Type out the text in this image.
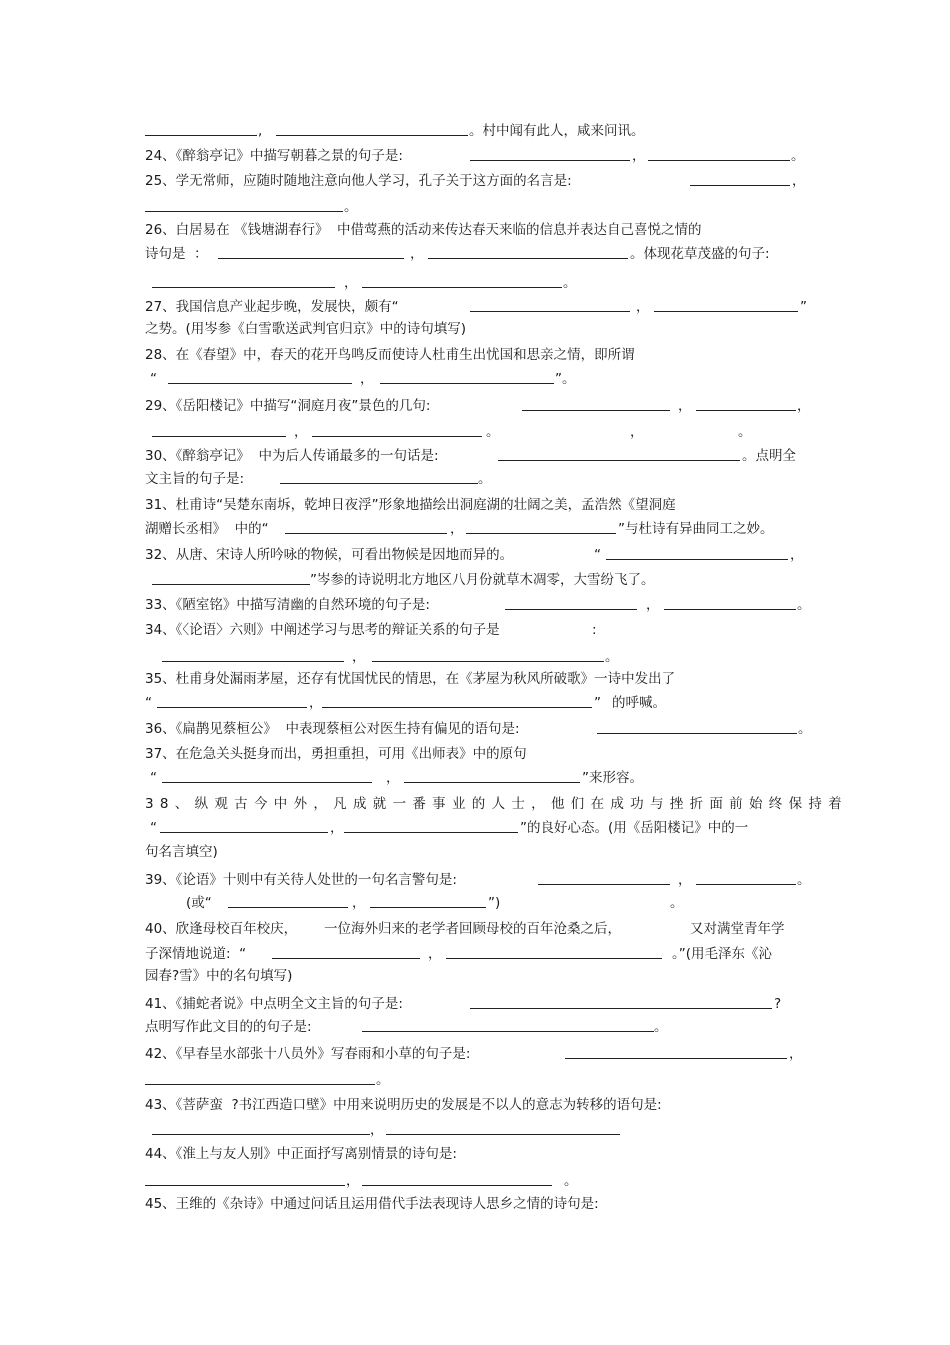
,

	。村中闻有此人，咸来问讯。

24、《醉翁亭记》中描写朝暮之景的句子是:

	，

	。

25、学无常师，应随时随地注意向他人学习，孔子关于这方面的名言是:

	，

。

26、白居易在 《钱塘湖春行》  中借莺燕的活动来传达春天来临的信息并表达自己喜悦之情的

诗句是  ：

	，

	。体现花草茂盛的句子:

，

	。

27、我国信息产业起步晚，发展快，颇有“

	，

	”

之势。(用岑参《白雪歌送武判官归京》中的诗句填写)

28、在《春望》中，春天的花开鸟鸣反而使诗人杜甫生出忧国和思亲之情，即所谓

“

	，

	”。

29、《岳阳楼记》中描写“洞庭月夜”景色的几句:

	，

	，

，

	。

	，

	。

30、《醉翁亭记》  中为后人传诵最多的一句话是:

	。点明全

文主旨的句子是:

	。

31、杜甫诗“吴楚东南坼，乾坤日夜浮”形象地描绘出洞庭湖的壮阔之美，孟浩然《望洞庭

湖赠长丞相》  中的“

	，

	”与杜诗有异曲同工之妙。

32、从唐、宋诗人所吟咏的物候，可看出物候是因地而异的。

	“

	，

”岑参的诗说明北方地区八月份就草木凋零，大雪纷飞了。

33、《陋室铭》中描写清幽的自然环境的句子是:

	，

	。

34、《〈论语〉六则》中阐述学习与思考的辩证关系的句子是

	:

，

	。

35、杜甫身处漏雨茅屋，还存有忧国忧民的情思，在《茅屋为秋风所破歌》一诗中发出了

“

	，

	”

的呼喊。

36、《扁鹊见蔡桓公》  中表现蔡桓公对医生持有偏见的语句是:

	。

37、在危急关头挺身而出，勇担重担，可用《出师表》中的原句

“

	，

	”来形容。

38、纵观古今中外，凡成就一番事业的人士，他们在成功与挫折面前始终保持着

“

	，

	”的良好心态。(用《岳阳楼记》中的一

句名言填空)

39、《论语》十则中有关待人处世的一句名言警句是:

	，

	。

(或“

	，

	”)

	。

40、欣逢母校百年校庆，

一位海外归来的老学者回顾母校的百年沧桑之后，

	又对满堂青年学

子深情地说道:  “

	，

	。”(用毛泽东《沁

园春?雪》中的名句填写)

41、《捕蛇者说》中点明全文主旨的句子是:

	?

点明写作此文目的的句子是:

	。

42、《早春呈水部张十八员外》写春雨和小草的句子是:

	，

。

43、《菩萨蛮  ?书江西造口壁》中用来说明历史的发展是不以人的意志为转移的语句是:

，

44、《淮上与友人别》中正面抒写离别情景的诗句是:

，

	。

45、王维的《杂诗》中通过问话且运用借代手法表现诗人思乡之情的诗句是:
